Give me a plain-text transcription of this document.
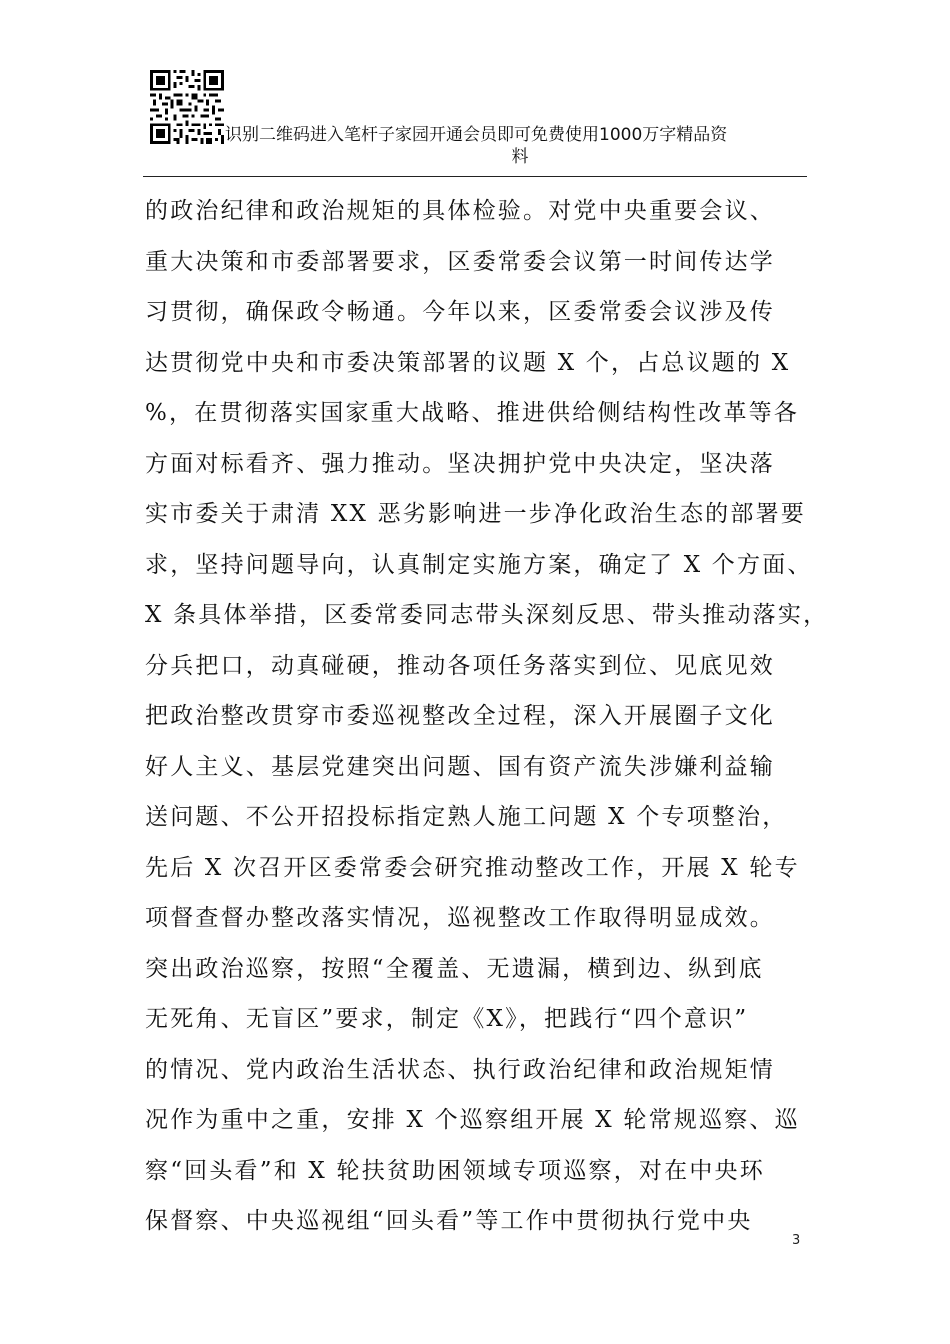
识别二维码进入笔杆子家园开通会员即可免费使用1000万字精品资
料
的政治纪律和政治规矩的具体检验。对党中央重要会议、
重大决策和市委部署要求，区委常委会议第一时间传达学
习贯彻，确保政令畅通。今年以来，区委常委会议涉及传
达贯彻党中央和市委决策部署的议题 X 个，占总议题的 X
%，在贯彻落实国家重大战略、推进供给侧结构性改革等各
方面对标看齐、强力推动。坚决拥护党中央决定，坚决落
实市委关于肃清 XX 恶劣影响进一步净化政治生态的部署要
求，坚持问题导向，认真制定实施方案，确定了 X 个方面、
X 条具体举措，区委常委同志带头深刻反思、带头推动落实，
分兵把口，动真碰硬，推动各项任务落实到位、见底见效
把政治整改贯穿市委巡视整改全过程，深入开展圈子文化
好人主义、基层党建突出问题、国有资产流失涉嫌利益输
送问题、不公开招投标指定熟人施工问题 X 个专项整治，
先后 X 次召开区委常委会研究推动整改工作，开展 X 轮专
项督查督办整改落实情况，巡视整改工作取得明显成效。
突出政治巡察，按照“全覆盖、无遗漏，横到边、纵到底
无死角、无盲区”要求，制定《X》，把践行“四个意识”
的情况、党内政治生活状态、执行政治纪律和政治规矩情
况作为重中之重，安排 X 个巡察组开展 X 轮常规巡察、巡
察“回头看”和 X 轮扶贫助困领域专项巡察，对在中央环
保督察、中央巡视组“回头看”等工作中贯彻执行党中央
3
